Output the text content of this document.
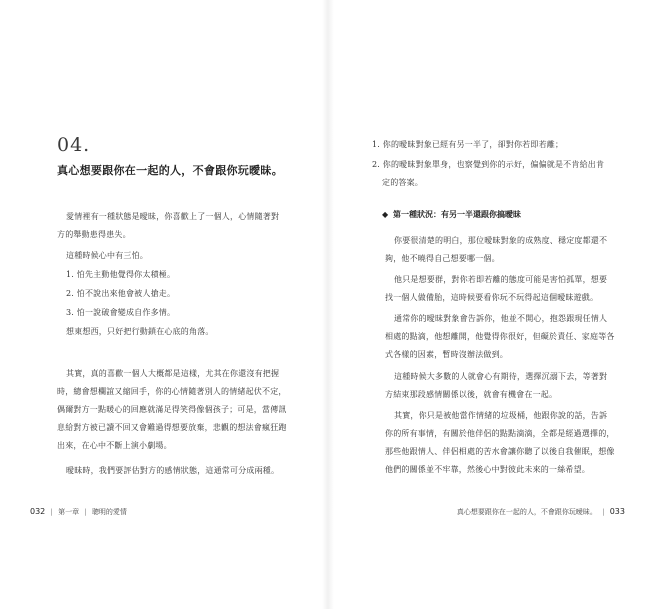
04.
真心想要跟你在一起的人，不會跟你玩曖昧。

愛情裡有一種狀態是曖昧，你喜歡上了一個人，心情隨著對
方的舉動患得患失。

這種時候心中有三怕。

1. 怕先主動他覺得你太積極。

2. 怕不說出來他會被人搶走。

3. 怕一說破會變成自作多情。

想東想西，只好把行動鎖在心底的角落。

其實，真的喜歡一個人大概都是這樣，尤其在你還沒有把握
時，總會想欄誼又縮回手，你的心情隨著別人的情緒起伏不定，
偶爾對方一點暖心的回應就滿足得笑得像個孩子；可是，當傳訊
息給對方被已讀不回又會難過得想要放棄，悲觀的想法會瘋狂跑
出來，在心中不斷上演小劇場。

曖昧時，我們要評估對方的感情狀態，這通常可分成兩種。

032 | 第一章 | 聰明的愛情

1. 你的曖昧對象已經有另一半了，卻對你若即若離；
2. 你的曖昧對象單身，也察覺到你的示好，偏偏就是不肯給出肯
定的答案。

◆ 第一種狀況：有另一半還跟你搞曖昧

你要很清楚的明白，那位曖昧對象的成熟度、穩定度都還不
夠，他不曉得自己想要哪一個。

他只是想要群，對你若即若離的態度可能是害怕孤單，想要
找一個人做備胎，這時候要看你玩不玩得起這個曖昧遊戲。

通常你的曖昧對象會告訴你，他並不開心，抱怨跟現任情人
相處的點滴，他想離開，他覺得你很好，但礙於責任、家庭等各
式各樣的因素，暫時沒辦法做到。

這種時候大多數的人就會心有期待，選擇沉溺下去，等著對
方結束那段感情關係以後，就會有機會在一起。

其實，你只是被他當作情緒的垃圾桶，他跟你說的話，告訴
你的所有事情，有關於他伴侶的點點滴滴，全都是經過選擇的，
那些他跟情人、伴侶相處的苦水會讓你聽了以後自我催眠，想像
他們的關係並不牢靠，然後心中對彼此未來的一絲希望。

真心想要跟你在一起的人，不會跟你玩曖昧。 | 033
